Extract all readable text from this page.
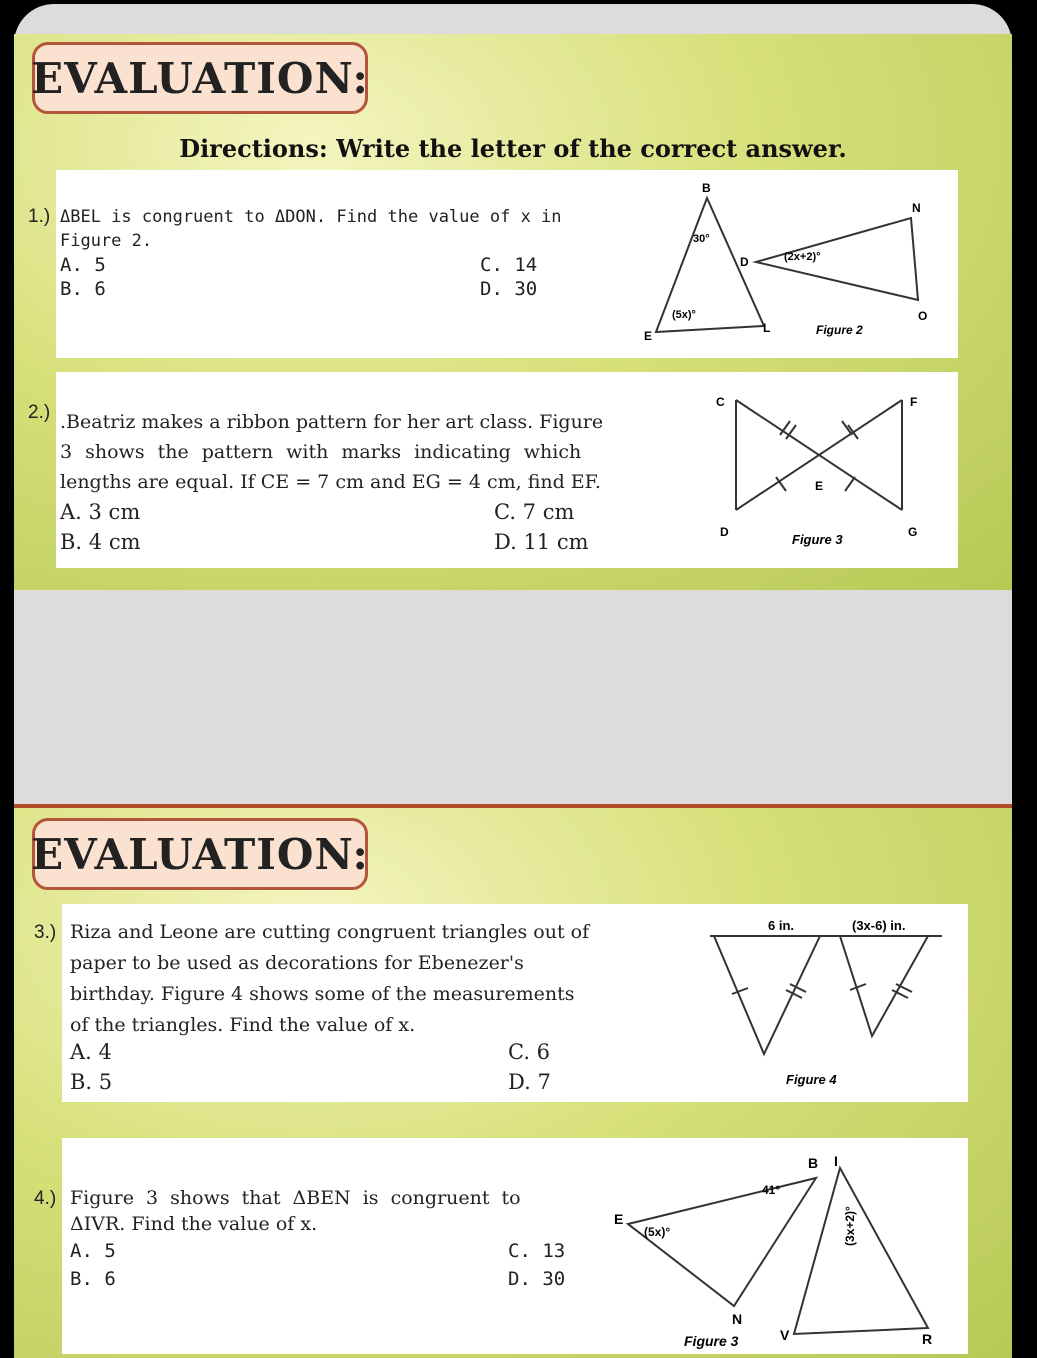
EVALUATION:
Directions: Write the letter of the correct answer.
1.) ΔBEL is congruent to ΔDON. Find the value of x in
Figure 2.
A. 5
B. 6
C. 14
D. 30
B
E
L
D
O
N
30°
(5x)°
(2x+2)°
Figure 2
2.) .Beatriz makes a ribbon pattern for her art class. Figure
3 shows the pattern with marks indicating which
lengths are equal. If CE = 7 cm and EG = 4 cm, find EF.
A. 3 cm
B. 4 cm
C. 7 cm
D. 11 cm
C	F
E
D	G
Figure 3
EVALUATION:
3.) Riza and Leone are cutting congruent triangles out of
paper to be used as decorations for Ebenezer's
birthday. Figure 4 shows some of the measurements
of the triangles. Find the value of x.
A. 4
B. 5
C. 6
D. 7
6 in.	(3x-6) in.
Figure 4
4.) Figure 3 shows that ΔBEN is congruent to
ΔIVR. Find the value of x.
A. 5	C. 13
B. 6	D. 30
B I
E
N
V	R
41°
(5x)°	(3x+2)°
Figure 3
